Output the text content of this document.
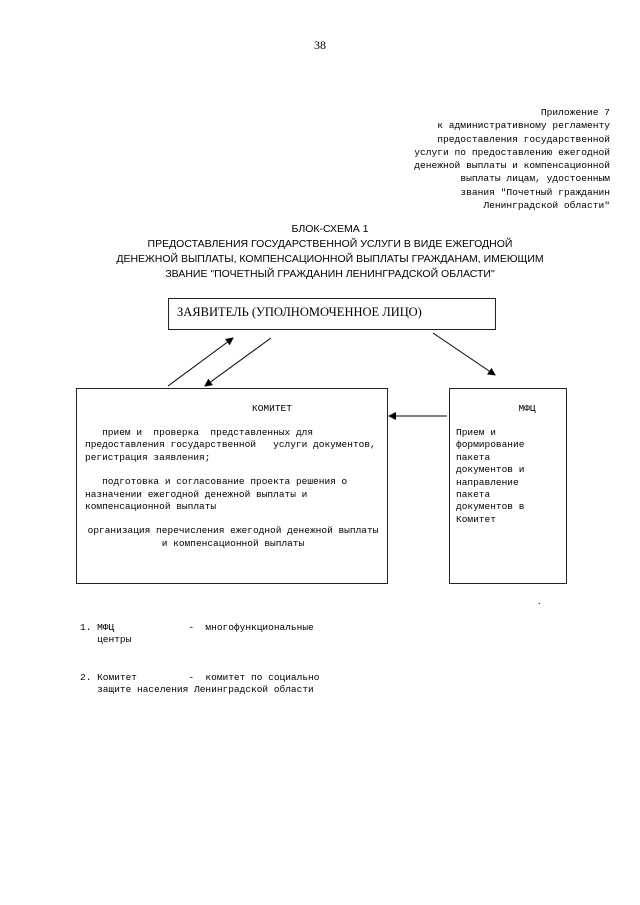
38
Приложение 7
к административному регламенту
предоставления государственной
услуги по предоставлению ежегодной
денежной выплаты и компенсационной
выплаты лицам, удостоенным
звания "Почетный гражданин
Ленинградской области"
БЛОК-СХЕМА 1
ПРЕДОСТАВЛЕНИЯ ГОСУДАРСТВЕННОЙ УСЛУГИ В ВИДЕ ЕЖЕГОДНОЙ
ДЕНЕЖНОЙ ВЫПЛАТЫ, КОМПЕНСАЦИОННОЙ ВЫПЛАТЫ ГРАЖДАНАМ, ИМЕЮЩИМ
ЗВАНИЕ "ПОЧЕТНЫЙ ГРАЖДАНИН ЛЕНИНГРАДСКОЙ ОБЛАСТИ"
ЗАЯВИТЕЛЬ (УПОЛНОМОЧЕННОЕ ЛИЦО)
КОМИТЕТ
прием и  проверка  представленных для предоставления государственной   услуги документов, регистрация заявления;
подготовка и согласование проекта решения о назначении ежегодной денежной выплаты и компенсационной выплаты
организация перечисления ежегодной денежной выплаты и компенсационной выплаты
МФЦ
Прием и
формирование
пакета
документов и
направление
пакета
документов в
Комитет
.
1. МФЦ             -  многофункциональные
центры
2. Комитет         -  комитет по социально
защите населения Ленинградской области
